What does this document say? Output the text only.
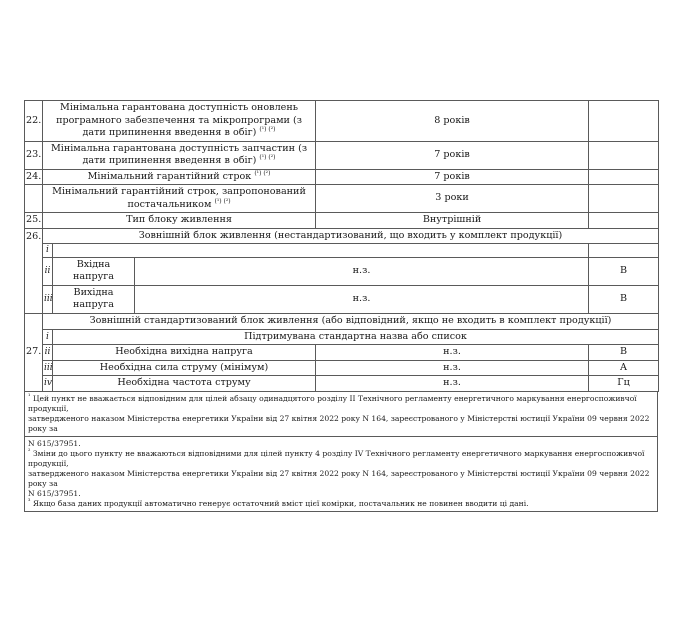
22.	Мінімальна гарантована доступність оновлень програмного забезпечення та мікропрограми (з дати припинення введення в обіг) $^{(^1) (^2)}$			8 років	
23.	Мінімальна гарантована доступність запчастин (з дати припинення введення в обіг) $^{(^1) (^2)}$			7 років	
24.	Мінімальний гарантійний строк $^{(^1) (^2)}$			7 років	
	Мінімальний гарантійний строк, запропонований постачальником $^{(^1) (^2)}$			3 роки	
25.	Тип блоку живлення			Внутрішній	
26.	Зовнішній блок живлення (нестандартизований, що входить у комплект продукції)				
	i				
	ii	Вхідна напруга	н.з.		В
	iii	Вихідна напруга	н.з.		В
27.	Зовнішній стандартизований блок живлення (або відповідний, якщо не входить в комплект продукції)				
	i	Підтримувана стандартна назва або список			
	ii	Необхідна вихідна напруга		н.з.	В
	iii	Необхідна сила струму (мінімум)		н.з.	А
	iv	Необхідна частота струму		н.з.	Гц
$^{^1}$ Цей пункт не вважається відповідним для цілей абзацу одинадцятого розділу II Технічного регламенту енергетичного маркування енергоспоживчої продукції,
затвердженого наказом Міністерства енергетики України від 27 квітня 2022 року N 164, зареєстрованого у Міністерстві юстиції України 09 червня 2022 року за
N 615/37951.
$^{^2}$ Зміни до цього пункту не вважаються відповідними для цілей пункту 4 розділу IV Технічного регламенту енергетичного маркування енергоспоживчої продукції,
затвердженого наказом Міністерства енергетики України від 27 квітня 2022 року N 164, зареєстрованого у Міністерстві юстиції України 09 червня 2022 року за
N 615/37951.
$^{^3}$ Якщо база даних продукції автоматично генерує остаточний вміст цієї комірки, постачальник не повинен вводити ці дані.
